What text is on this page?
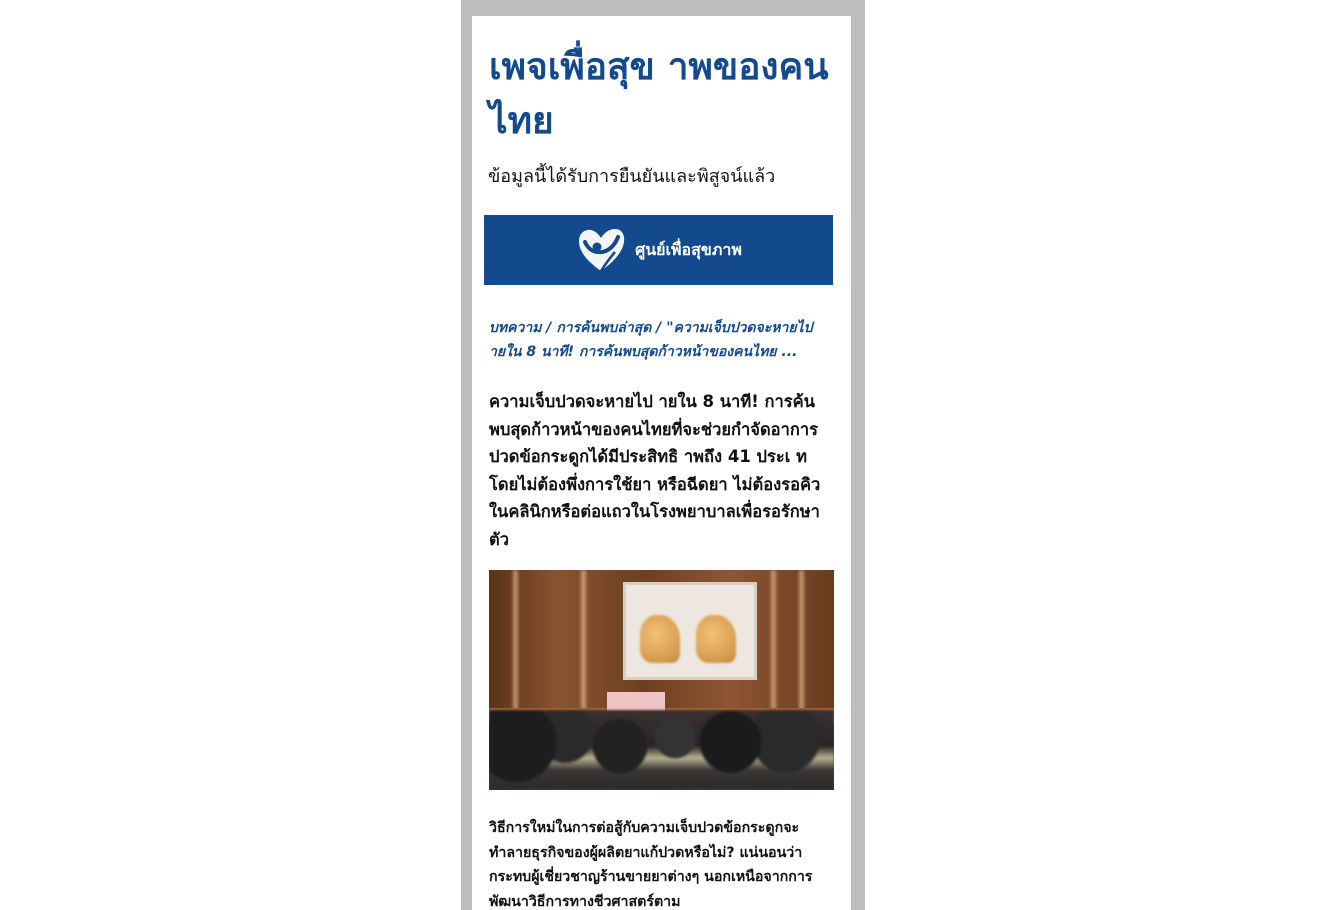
เพจเพื่อสุข าพของคนไทย

ข้อมูลนี้ได้รับการยืนยันและพิสูจน์แล้ว

ศูนย์เพื่อสุขภาพ

บทความ / การค้นพบล่าสุด / "ความเจ็บปวดจะหายไป ายใน 8 นาที! การค้นพบสุดก้าวหน้าของคนไทย ...

ความเจ็บปวดจะหายไป ายใน 8 นาที! การค้นพบสุดก้าวหน้าของคนไทยที่จะช่วยกำจัดอาการปวดข้อกระดูกได้มีประสิทธิ าพถึง 41 ประเ ท โดยไม่ต้องพึ่งการใช้ยา หรือฉีดยา ไม่ต้องรอคิวในคลินิกหรือต่อแถวในโรงพยาบาลเพื่อรอรักษาตัว

วิธีการใหม่ในการต่อสู้กับความเจ็บปวดข้อกระดูกจะทำลายธุรกิจของผู้ผลิตยาแก้ปวดหรือไม่? แน่นอนว่ากระทบผู้เชี่ยวชาญร้านขายยาต่างๆ นอกเหนือจากการพัฒนาวิธีการทางชีวศาสตร์ตาม
